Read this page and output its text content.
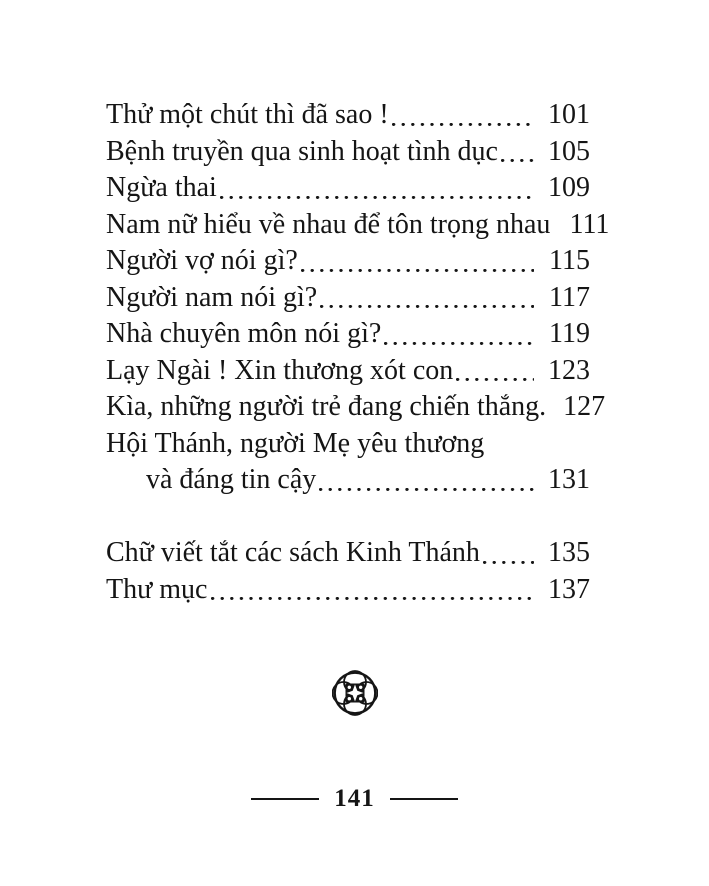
Thử một chút thì đã sao !	101
Bệnh truyền qua sinh hoạt tình dục 105
Ngừa thai	109
Nam nữ hiểu về nhau để tôn trọng nhau 111
Người vợ nói gì?	115
Người nam nói gì?	117
Nhà chuyên môn nói gì?	119
Lạy Ngài ! Xin thương xót con	123
Kìa, những người trẻ đang chiến thắng. 127
Hội Thánh, người Mẹ yêu thương
và đáng tin cậy	131
Chữ viết tắt các sách Kinh Thánh 135
Thư mục	137
141
